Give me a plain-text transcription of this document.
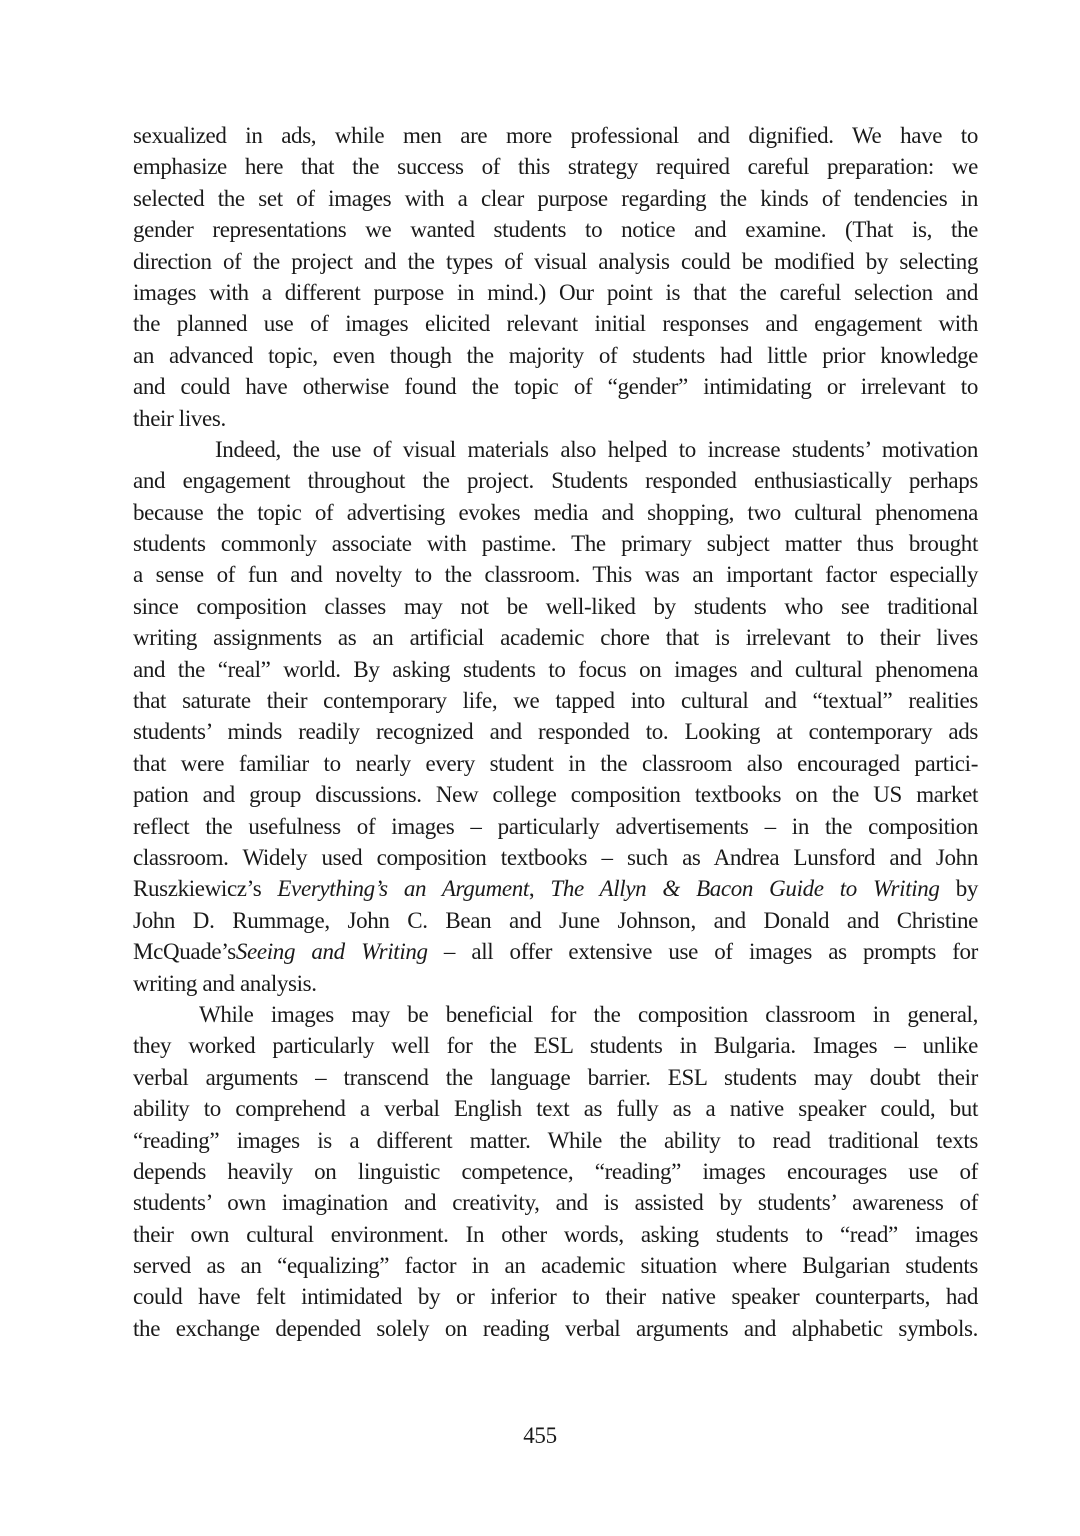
sexualized in ads, while men are more professional and dignified. We have to
emphasize here that the success of this strategy required careful preparation: we
selected the set of images with a clear purpose regarding the kinds of tendencies in
gender representations we wanted students to notice and examine. (That is, the
direction of the project and the types of visual analysis could be modified by selecting
images with a different purpose in mind.) Our point is that the careful selection and
the planned use of images elicited relevant initial responses and engagement with
an advanced topic, even though the majority of students had little prior knowledge
and could have otherwise found the topic of “gender” intimidating or irrelevant to
their lives.
Indeed, the use of visual materials also helped to increase students’ motivation
and engagement throughout the project. Students responded enthusiastically perhaps
because the topic of advertising evokes media and shopping, two cultural phenomena
students commonly associate with pastime. The primary subject matter thus brought
a sense of fun and novelty to the classroom. This was an important factor especially
since composition classes may not be well-liked by students who see traditional
writing assignments as an artificial academic chore that is irrelevant to their lives
and the “real” world. By asking students to focus on images and cultural phenomena
that saturate their contemporary life, we tapped into cultural and “textual” realities
students’ minds readily recognized and responded to. Looking at contemporary ads
that were familiar to nearly every student in the classroom also encouraged partici-
pation and group discussions. New college composition textbooks on the US market
reflect the usefulness of images – particularly advertisements – in the composition
classroom. Widely used composition textbooks – such as Andrea Lunsford and John
Ruszkiewicz’s Everything’s an Argument, The Allyn & Bacon Guide to Writing by
John D. Rummage, John C. Bean and June Johnson, and Donald and Christine
McQuade’sSeeing and Writing – all offer extensive use of images as prompts for
writing and analysis.
While images may be beneficial for the composition classroom in general,
they worked particularly well for the ESL students in Bulgaria. Images – unlike
verbal arguments – transcend the language barrier. ESL students may doubt their
ability to comprehend a verbal English text as fully as a native speaker could, but
“reading” images is a different matter. While the ability to read traditional texts
depends heavily on linguistic competence, “reading” images encourages use of
students’ own imagination and creativity, and is assisted by students’ awareness of
their own cultural environment. In other words, asking students to “read” images
served as an “equalizing” factor in an academic situation where Bulgarian students
could have felt intimidated by or inferior to their native speaker counterparts, had
the exchange depended solely on reading verbal arguments and alphabetic symbols.
455
